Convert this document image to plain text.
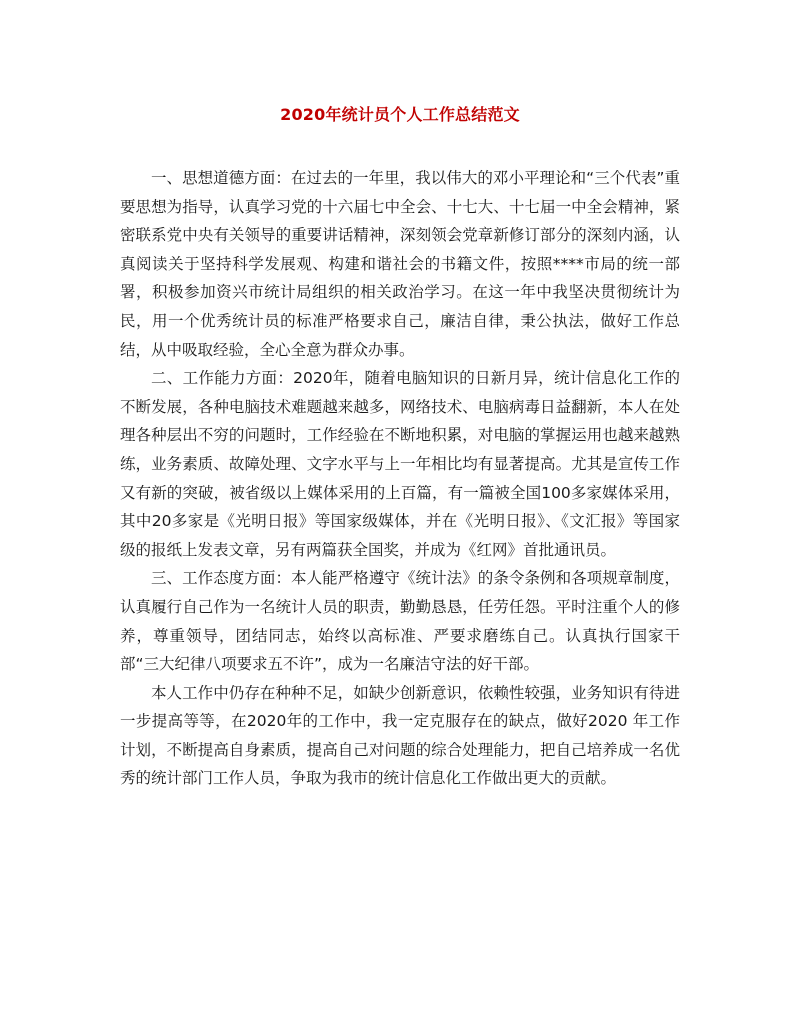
2020年统计员个人工作总结范文

一、思想道德方面：在过去的一年里，我以伟大的邓小平理论和“三个代表”重要思想为指导，认真学习党的十六届七中全会、十七大、十七届一中全会精神，紧密联系党中央有关领导的重要讲话精神，深刻领会党章新修订部分的深刻内涵，认真阅读关于坚持科学发展观、构建和谐社会的书籍文件，按照****市局的统一部署，积极参加资兴市统计局组织的相关政治学习。在这一年中我坚决贯彻统计为民，用一个优秀统计员的标准严格要求自己，廉洁自律，秉公执法，做好工作总结，从中吸取经验，全心全意为群众办事。

二、工作能力方面：2020年，随着电脑知识的日新月异，统计信息化工作的不断发展，各种电脑技术难题越来越多，网络技术、电脑病毒日益翻新，本人在处理各种层出不穷的问题时，工作经验在不断地积累，对电脑的掌握运用也越来越熟练，业务素质、故障处理、文字水平与上一年相比均有显著提高。尤其是宣传工作又有新的突破，被省级以上媒体采用的上百篇，有一篇被全国100多家媒体采用，其中20多家是《光明日报》等国家级媒体，并在《光明日报》、《文汇报》等国家级的报纸上发表文章，另有两篇获全国奖，并成为《红网》首批通讯员。

三、工作态度方面：本人能严格遵守《统计法》的条令条例和各项规章制度，认真履行自己作为一名统计人员的职责，勤勤恳恳，任劳任怨。平时注重个人的修养，尊重领导，团结同志，始终以高标准、严要求磨练自己。认真执行国家干部“三大纪律八项要求五不许”，成为一名廉洁守法的好干部。

本人工作中仍存在种种不足，如缺少创新意识，依赖性较强，业务知识有待进一步提高等等，在2020年的工作中，我一定克服存在的缺点，做好2020 年工作计划，不断提高自身素质，提高自己对问题的综合处理能力，把自己培养成一名优秀的统计部门工作人员，争取为我市的统计信息化工作做出更大的贡献。
